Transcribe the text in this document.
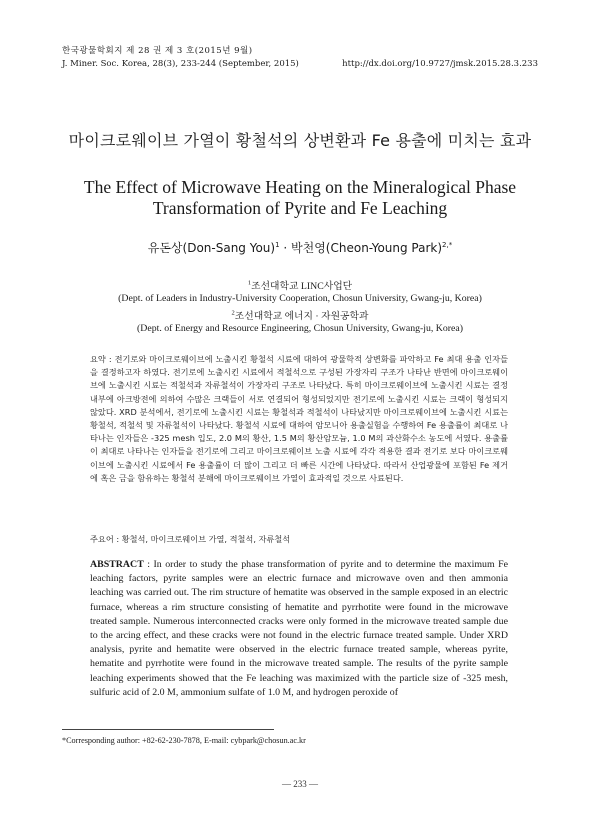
한국광물학회지 제 28 권 제 3 호(2015년 9월)
J. Miner. Soc. Korea, 28(3), 233-244 (September, 2015)	http://dx.doi.org/10.9727/jmsk.2015.28.3.233
마이크로웨이브 가열이 황철석의 상변환과 Fe 용출에 미치는 효과
The Effect of Microwave Heating on the Mineralogical Phase Transformation of Pyrite and Fe Leaching
유돈상(Don-Sang You)$^1$ · 박천영(Cheon-Young Park)$^{2,*}$
$^1$조선대학교 LINC사업단
(Dept. of Leaders in Industry-University Cooperation, Chosun University, Gwang-ju, Korea)
$^2$조선대학교 에너지 · 자원공학과
(Dept. of Energy and Resource Engineering, Chosun University, Gwang-ju, Korea)
요약 : 전기로와 마이크로웨이브에 노출시킨 황철석 시료에 대하여 광물학적 상변화를 파악하고 Fe 최대 용출 인자들을 결정하고자 하였다. 전기로에 노출시킨 시료에서 적철석으로 구성된 가장자리 구조가 나타난 반면에 마이크로웨이브에 노출시킨 시료는 적철석과 자류철석이 가장자리 구조로 나타났다. 특히 마이크로웨이브에 노출시킨 시료는 결정 내부에 아크방전에 의하여 수많은 크랙들이 서로 연결되어 형성되었지만 전기로에 노출시킨 시료는 크랙이 형성되지 않았다. XRD 분석에서, 전기로에 노출시킨 시료는 황철석과 적철석이 나타났지만 마이크로웨이브에 노출시킨 시료는 황철석, 적철석 및 자류철석이 나타났다. 황철석 시료에 대하여 암모니아 용출실험을 수행하여 Fe 용출률이 최대로 나타나는 인자들은 -325 mesh 입도, 2.0 M의 황산, 1.5 M의 황산암모늄, 1.0 M의 과산화수소 농도에 서였다. 용출률이 최대로 나타나는 인자들을 전기로에 그리고 마이크로웨이브 노출 시료에 각각 적용한 결과 전기로 보다 마이크로웨이브에 노출시킨 시료에서 Fe 용출률이 더 많이 그리고 더 빠른 시간에 나타났다. 따라서 산업광물에 포함된 Fe 제거에 혹은 금을 함유하는 황철석 분해에 마이크로웨이브 가열이 효과적일 것으로 사료된다.
주요어 : 황철석, 마이크로웨이브 가열, 적철석, 자류철석
ABSTRACT : In order to study the phase transformation of pyrite and to determine the maximum Fe leaching factors, pyrite samples were an electric furnace and microwave oven and then ammonia leaching was carried out. The rim structure of hematite was observed in the sample exposed in an electric furnace, whereas a rim structure consisting of hematite and pyrrhotite were found in the microwave treated sample. Numerous interconnected cracks were only formed in the microwave treated sample due to the arcing effect, and these cracks were not found in the electric furnace treated sample. Under XRD analysis, pyrite and hematite were observed in the electric furnace treated sample, whereas pyrite, hematite and pyrrhotite were found in the microwave treated sample. The results of the pyrite sample leaching experiments showed that the Fe leaching was maximized with the particle size of -325 mesh, sulfuric acid of 2.0 M, ammonium sulfate of 1.0 M, and hydrogen peroxide of
*Corresponding author: +82-62-230-7878, E-mail: cybpark@chosun.ac.kr
― 233 ―
